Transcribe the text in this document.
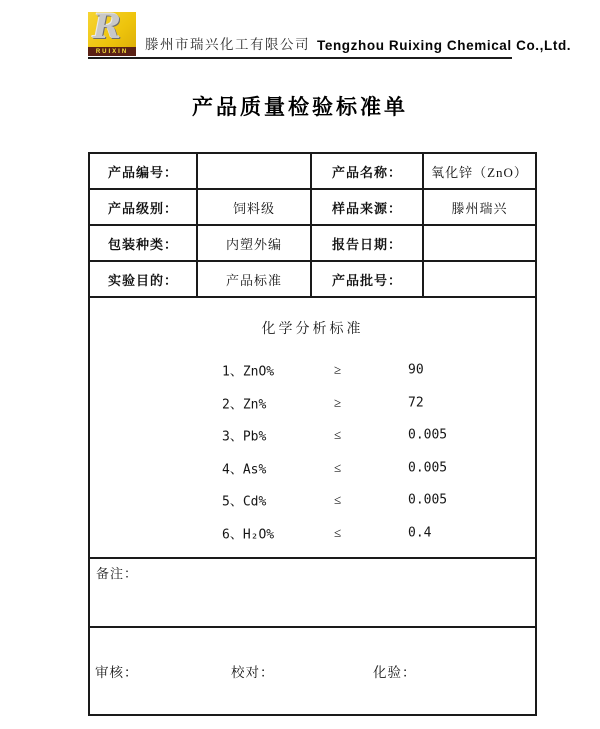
R
RUIXIN 滕州市瑞兴化工有限公司 Tengzhou Ruixing Chemical Co.,Ltd.
产品质量检验标准单
产品编号：	产品名称：	氧化锌（ZnO）
产品级别：	饲料级	样品来源：	滕州瑞兴
包装种类：	内塑外编	报告日期：
实验目的：	产品标准	产品批号：
化学分析标准
1、ZnO%	≥	90
2、Zn%	≥	72
3、Pb%	≤	0.005
4、As%	≤	0.005
5、Cd%	≤	0.005
6、H₂O%	≤	0.4
备注：
审核：	校对：	化验：
